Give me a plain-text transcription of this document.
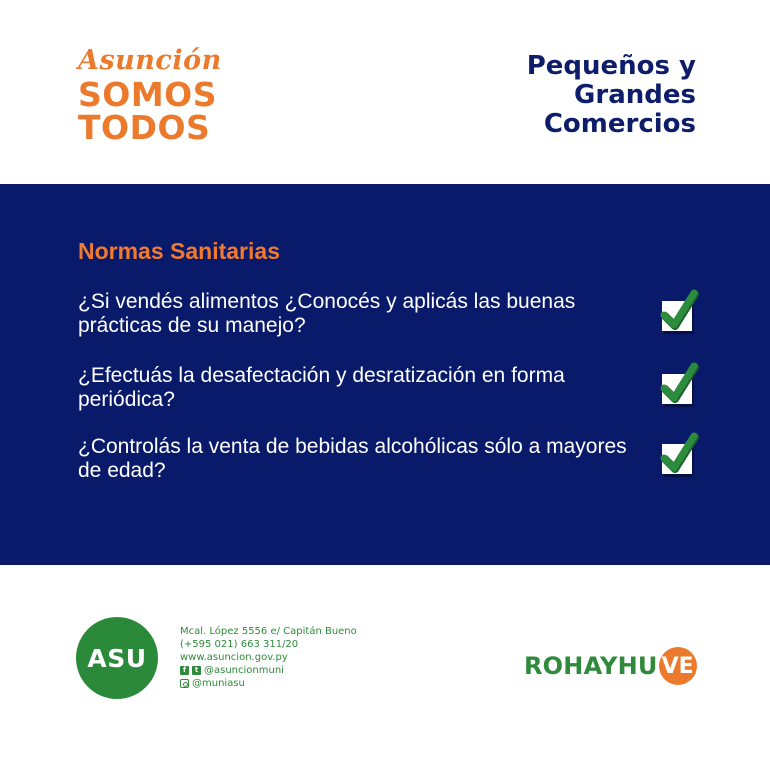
Asunción
SOMOS
TODOS
Pequeños y
Grandes
Comercios
Normas Sanitarias
¿Si vendés alimentos ¿Conocés y aplicás las buenas prácticas de su manejo?
¿Efectuás la desafectación y desratización en forma periódica?
¿Controlás la venta de bebidas alcohólicas sólo a mayores de edad?
ASU
Mcal. López 5556 e/ Capitán Bueno
(+595 021) 663 311/20
www.asuncion.gov.py
f	t @asuncionmuni
@muniasu
ROHAYHU VE
